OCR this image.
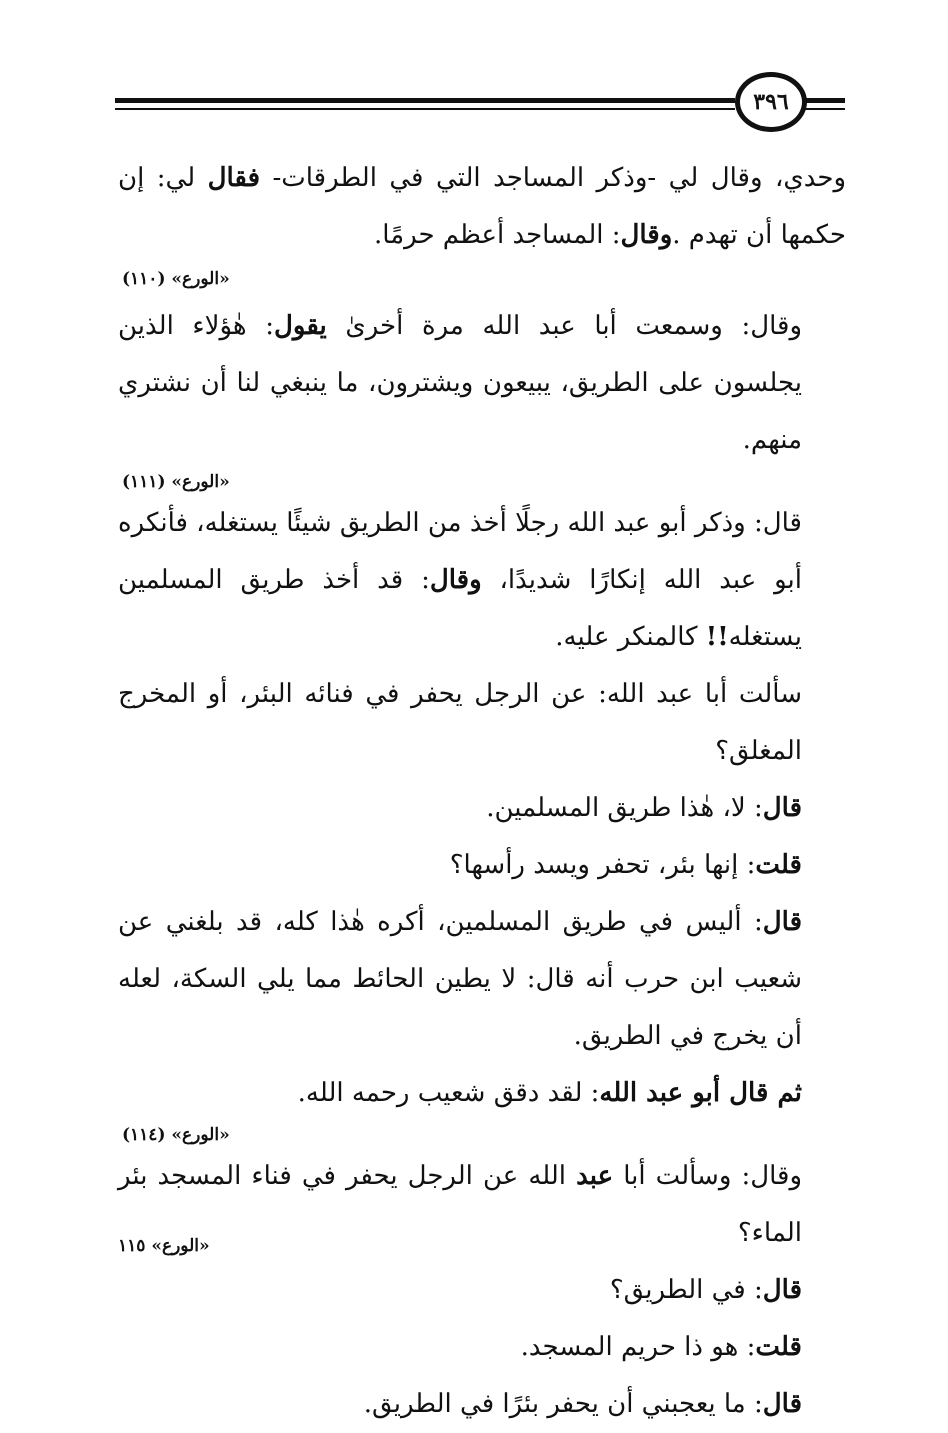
٣٩٦

وحدي، وقال لي -وذكر المساجد التي في الطرقات- فقال لي: إن حكمها أن تهدم .وقال: المساجد أعظم حرمًا.

«الورع» (١١٠)

وقال: وسمعت أبا عبد الله مرة أخرىٰ يقول: هٰؤلاء الذين يجلسون على الطريق، يبيعون ويشترون، ما ينبغي لنا أن نشتري منهم.

«الورع» (١١١)

قال: وذكر أبو عبد الله رجلًا أخذ من الطريق شيئًا يستغله، فأنكره أبو عبد الله إنكارًا شديدًا، وقال: قد أخذ طريق المسلمين يستغله!! كالمنكر عليه.

سألت أبا عبد الله: عن الرجل يحفر في فنائه البئر، أو المخرج المغلق؟

قال: لا، هٰذا طريق المسلمين.

قلت: إنها بئر، تحفر ويسد رأسها؟

قال: أليس في طريق المسلمين، أكره هٰذا كله، قد بلغني عن شعيب ابن حرب أنه قال: لا يطين الحائط مما يلي السكة، لعله أن يخرج في الطريق.

ثم قال أبو عبد الله: لقد دقق شعيب رحمه الله.

«الورع» (١١٤)

وقال: وسألت أبا عبد الله عن الرجل يحفر في فناء المسجد بئر الماء؟

قال: في الطريق؟

قلت: هو ذا حريم المسجد.

قال: ما يعجبني أن يحفر بئرًا في الطريق.

«الورع» ١١٥
